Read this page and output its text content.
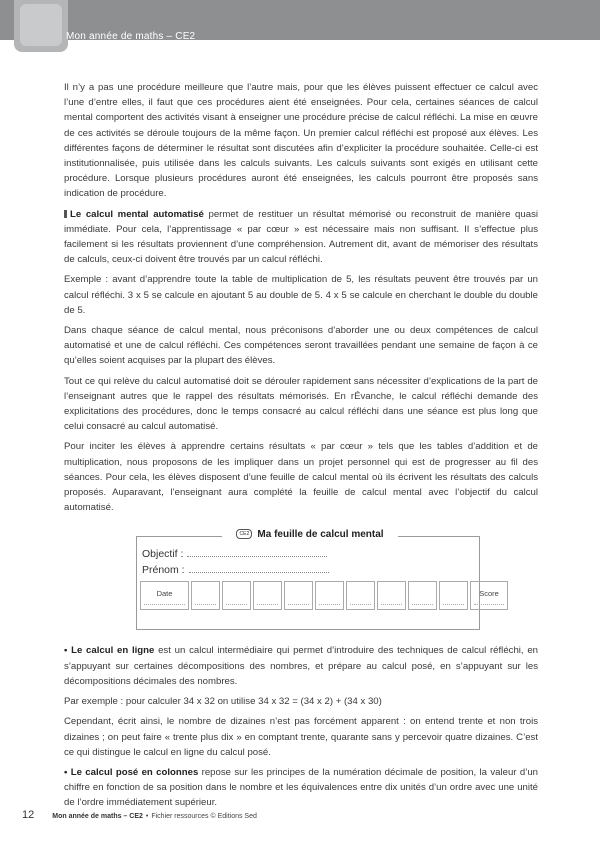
Mon année de maths – CE2

Il n’y a pas une procédure meilleure que l’autre mais, pour que les élèves puissent effectuer ce calcul avec l’une d’entre elles, il faut que ces procédures aient été enseignées. Pour cela, certaines séances de calcul mental comportent des activités visant à enseigner une procédure précise de calcul réfléchi. La mise en œuvre de ces activités se déroule toujours de la même façon. Un premier calcul réfléchi est proposé aux élèves. Les différentes façons de déterminer le résultat sont discutées afin d’expliciter la procédure souhaitée. Celle-ci est institutionnalisée, puis utilisée dans les calculs suivants. Les calculs suivants sont exigés en utilisant cette procédure. Lorsque plusieurs procédures auront été enseignées, les calculs pourront être proposés sans indication de procédure.

Le calcul mental automatisé permet de restituer un résultat mémorisé ou reconstruit de manière quasi immédiate. Pour cela, l’apprentissage « par cœur » est nécessaire mais non suffisant. Il s’effectue plus facilement si les résultats proviennent d’une compréhension. Autrement dit, avant de mémoriser des résultats de calculs, ceux-ci doivent être trouvés par un calcul réfléchi.

Exemple : avant d’apprendre toute la table de multiplication de 5, les résultats peuvent être trouvés par un calcul réfléchi. 3 x 5 se calcule en ajoutant 5 au double de 5. 4 x 5 se calcule en cherchant le double du double de 5.

Dans chaque séance de calcul mental, nous préconisons d’aborder une ou deux compétences de calcul automatisé et une de calcul réfléchi. Ces compétences seront travaillées pendant une semaine de façon à ce qu’elles soient acquises par la plupart des élèves.

Tout ce qui relève du calcul automatisé doit se dérouler rapidement sans nécessiter d’explications de la part de l’enseignant autres que le rappel des résultats mémorisés. En rÉvanche, le calcul réfléchi demande des explicitations des procédures, donc le temps consacré au calcul réfléchi dans une séance est plus long que celui consacré au calcul automatisé.

Pour inciter les élèves à apprendre certains résultats « par cœur » tels que les tables d’addition et de multiplication, nous proposons de les impliquer dans un projet personnel qui est de progresser au fil des séances. Pour cela, les élèves disposent d’une feuille de calcul mental où ils écrivent les résultats des calculs proposés. Auparavant, l’enseignant aura complété la feuille de calcul mental avec l’objectif du calcul automatisé.

Objectif :
Prénom :
Date	Score
CE2 Ma feuille de calcul mental

• Le calcul en ligne est un calcul intermédiaire qui permet d’introduire des techniques de calcul réfléchi, en s’appuyant sur certaines décompositions des nombres, et prépare au calcul posé, en s’appuyant sur les décompositions décimales des nombres.

Par exemple : pour calculer 34 x 32 on utilise 34 x 32 = (34 x 2) + (34 x 30)

Cependant, écrit ainsi, le nombre de dizaines n’est pas forcément apparent : on entend trente et non trois dizaines ; on peut faire « trente plus dix » en comptant trente, quarante sans y percevoir quatre dizaines. C’est ce qui distingue le calcul en ligne du calcul posé.

• Le calcul posé en colonnes repose sur les principes de la numération décimale de position, la valeur d’un chiffre en fonction de sa position dans le nombre et les équivalences entre dix unités d’un ordre avec une unité de l’ordre immédiatement supérieur.

12	Mon année de maths – CE2 • Fichier ressources © Editions Sed
